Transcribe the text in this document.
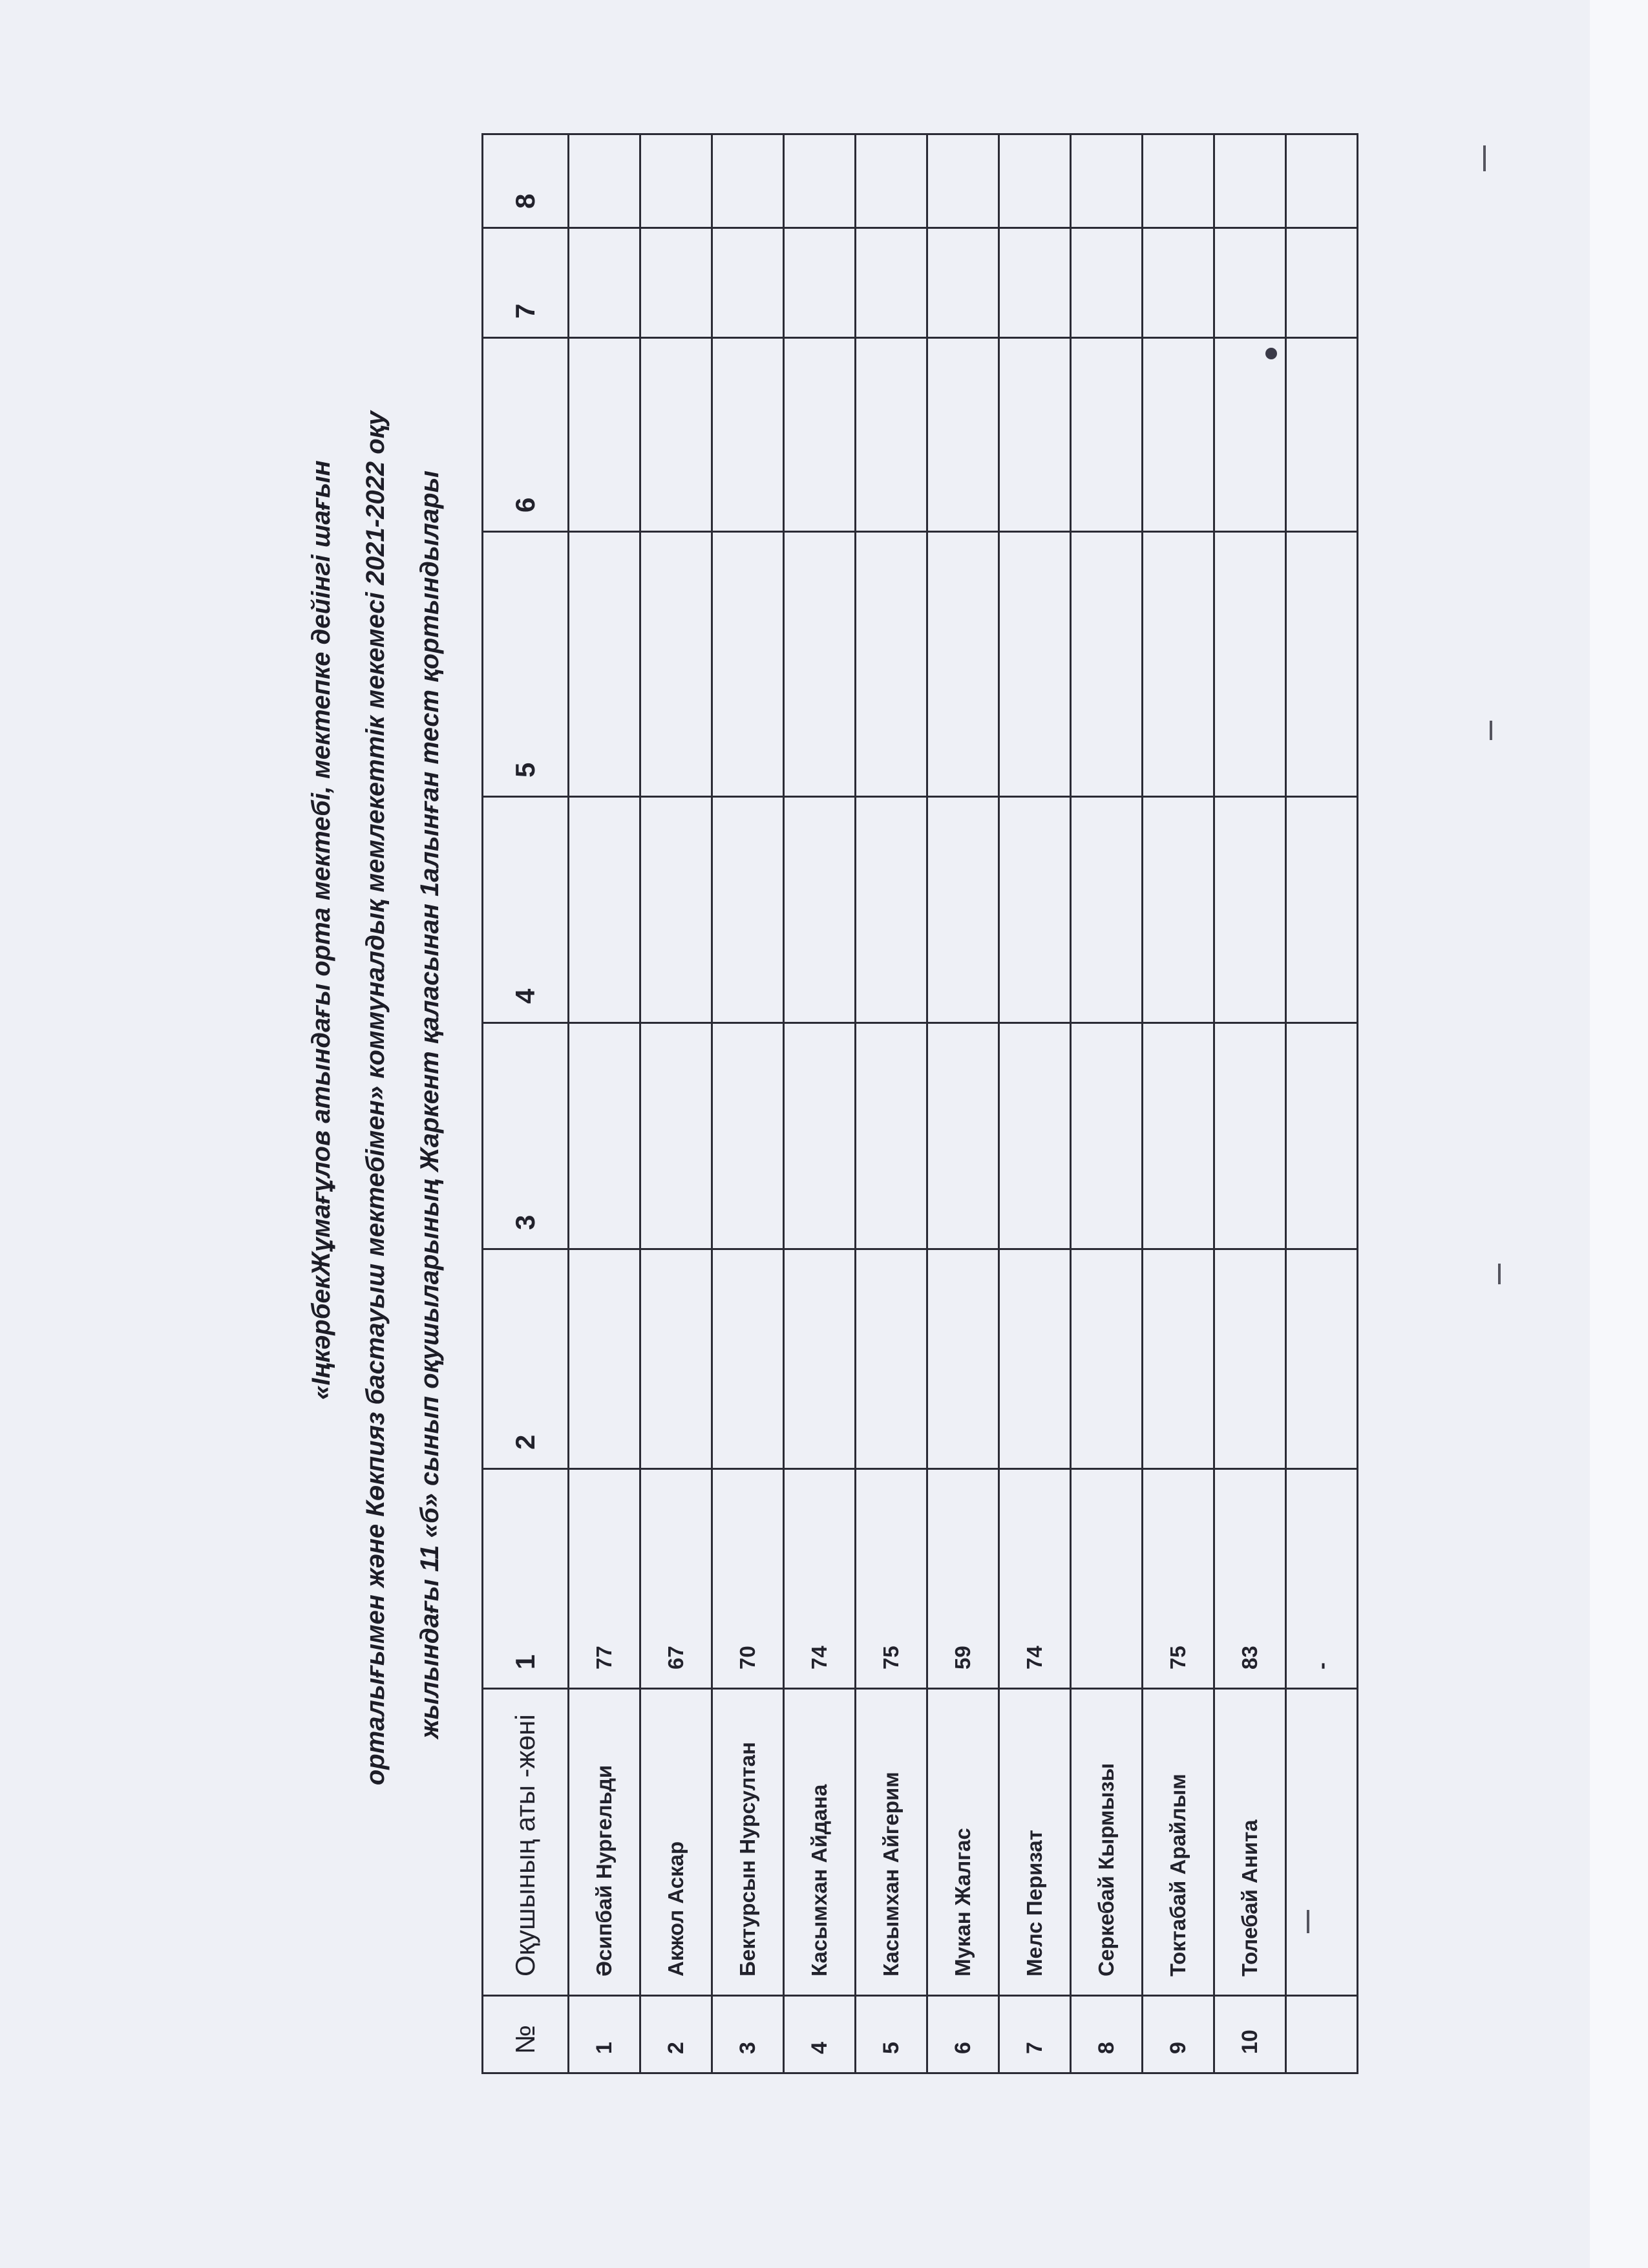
«ІңкәрбекЖұмағұлов атындағы орта мектебі, мектепке дейінгі шағын	орталығымен және Көкпияз бастауыш мектебімен» коммуналдық мемлекеттік мекемесі 2021-2022 оқу	жылындағы 11 «б» сынып оқушыларының Жаркент қаласынан 1алынған тест қортындылары
№	Оқушының аты -жөні	1	2	3	4	5	6	7	8
1	Әсипбай Нургельди	77							
2	Акжол Аскар	67							
3	Бектурсын Нурсултан	70							
4	Касымхан Айдана	74							
5	Касымхан Айгерим	75							
6	Мукан Жалгас	59							
7	Мелс Перизат	74							
8	Серкебай Кырмызы								
9	Токтабай Арайлым	75							
10	Толебай Анита	83							
		-							
